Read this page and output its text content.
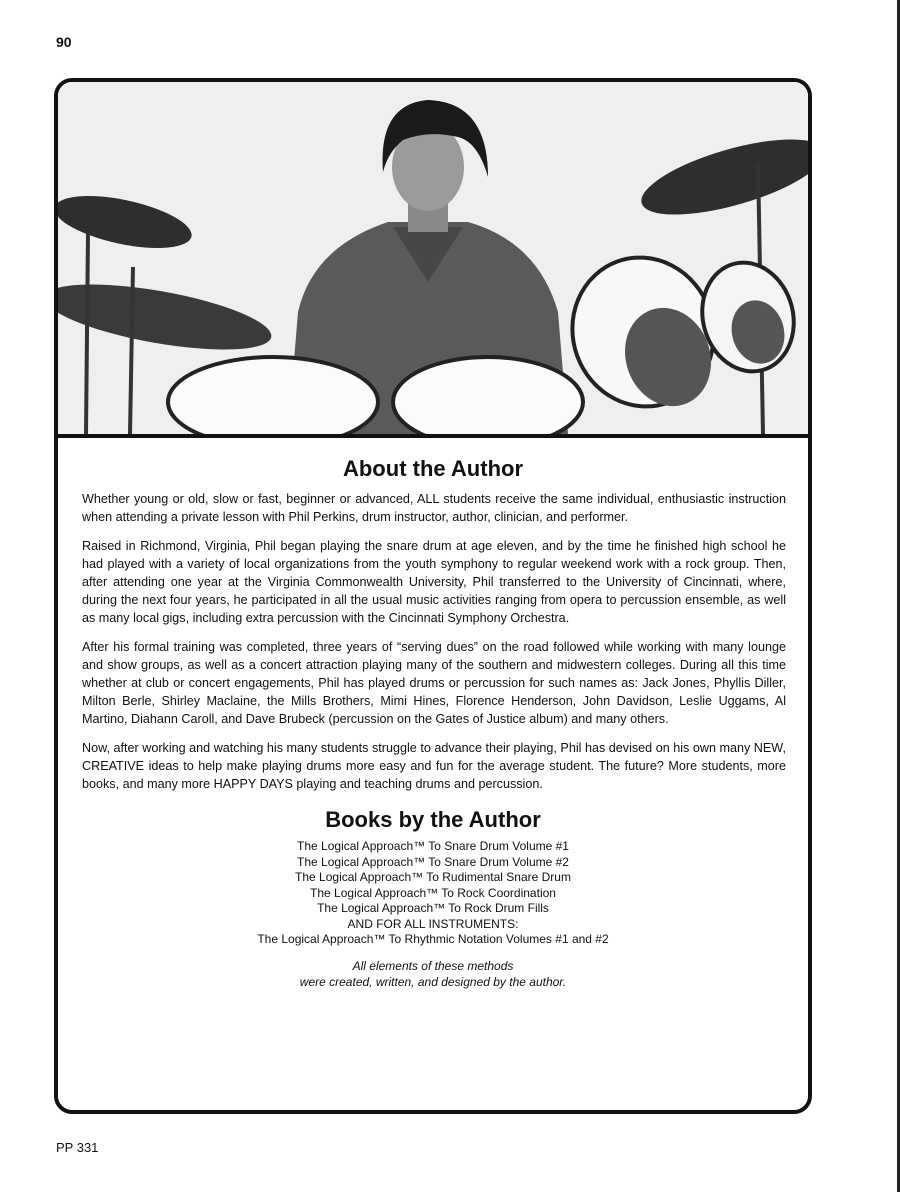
90
About the Author

Whether young or old, slow or fast, beginner or advanced, ALL students receive the same individual, enthusiastic instruction when attending a private lesson with Phil Perkins, drum instructor, author, clinician, and performer.

Raised in Richmond, Virginia, Phil began playing the snare drum at age eleven, and by the time he finished high school he had played with a variety of local organizations from the youth symphony to regular weekend work with a rock group. Then, after attending one year at the Virginia Commonwealth University, Phil transferred to the University of Cincinnati, where, during the next four years, he participated in all the usual music activities ranging from opera to percussion ensemble, as well as many local gigs, including extra percussion with the Cincinnati Symphony Orchestra.

After his formal training was completed, three years of “serving dues” on the road followed while working with many lounge and show groups, as well as a concert attraction playing many of the southern and midwestern colleges. During all this time whether at club or concert engagements, Phil has played drums or percussion for such names as: Jack Jones, Phyllis Diller, Milton Berle, Shirley Maclaine, the Mills Brothers, Mimi Hines, Florence Henderson, John Davidson, Leslie Uggams, Al Martino, Diahann Caroll, and Dave Brubeck (percussion on the Gates of Justice album) and many others.

Now, after working and watching his many students struggle to advance their playing, Phil has devised on his own many NEW, CREATIVE ideas to help make playing drums more easy and fun for the average student. The future? More students, more books, and many more HAPPY DAYS playing and teaching drums and percussion.

Books by the Author
The Logical Approach™ To Snare Drum Volume #1
The Logical Approach™ To Snare Drum Volume #2
The Logical Approach™ To Rudimental Snare Drum
The Logical Approach™ To Rock Coordination
The Logical Approach™ To Rock Drum Fills
AND FOR ALL INSTRUMENTS:
The Logical Approach™ To Rhythmic Notation Volumes #1 and #2
All elements of these methods
were created, written, and designed by the author.
PP 331
